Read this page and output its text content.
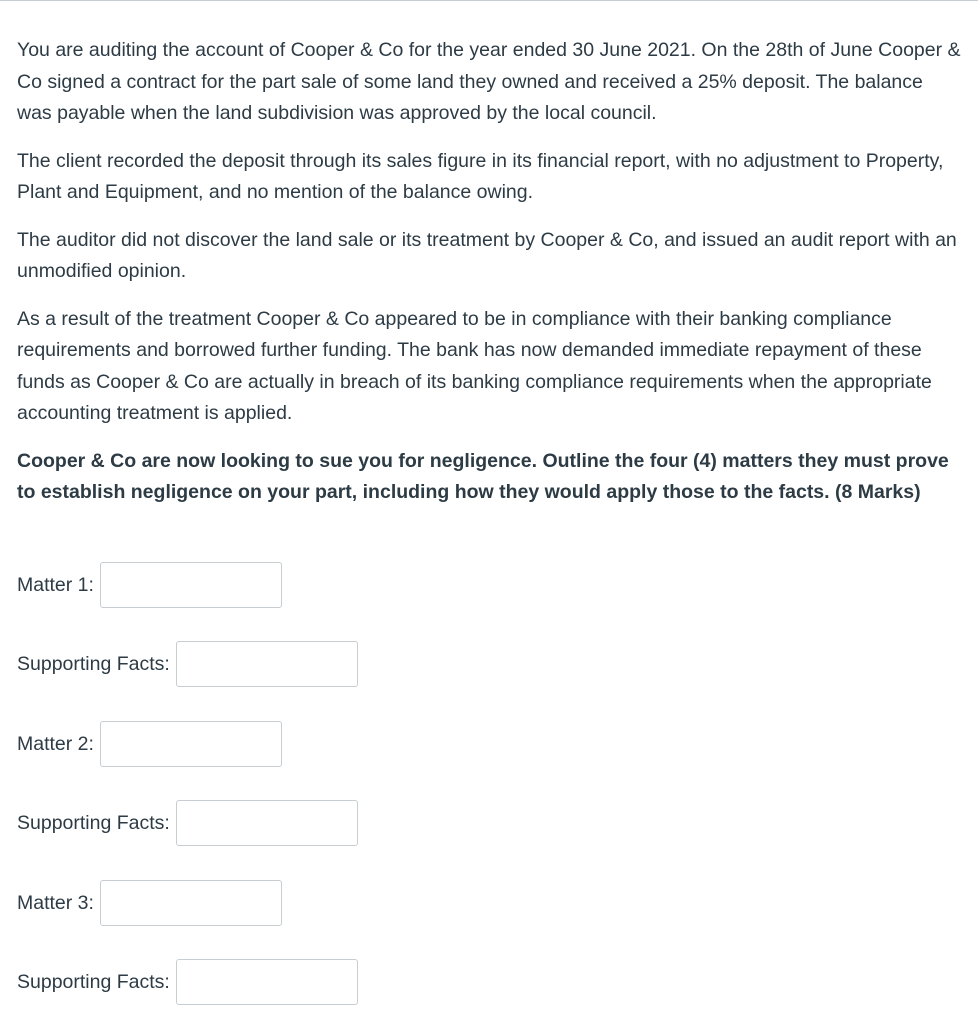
You are auditing the account of Cooper & Co for the year ended 30 June 2021. On the 28th of June Cooper & Co signed a contract for the part sale of some land they owned and received a 25% deposit. The balance was payable when the land subdivision was approved by the local council.

The client recorded the deposit through its sales figure in its financial report, with no adjustment to Property, Plant and Equipment, and no mention of the balance owing.

The auditor did not discover the land sale or its treatment by Cooper & Co, and issued an audit report with an unmodified opinion.

As a result of the treatment Cooper & Co appeared to be in compliance with their banking compliance requirements and borrowed further funding. The bank has now demanded immediate repayment of these funds as Cooper & Co are actually in breach of its banking compliance requirements when the appropriate accounting treatment is applied.

Cooper & Co are now looking to sue you for negligence. Outline the four (4) matters they must prove to establish negligence on your part, including how they would apply those to the facts. (8 Marks)

Matter 1:
Supporting Facts:
Matter 2:
Supporting Facts:
Matter 3:
Supporting Facts:
